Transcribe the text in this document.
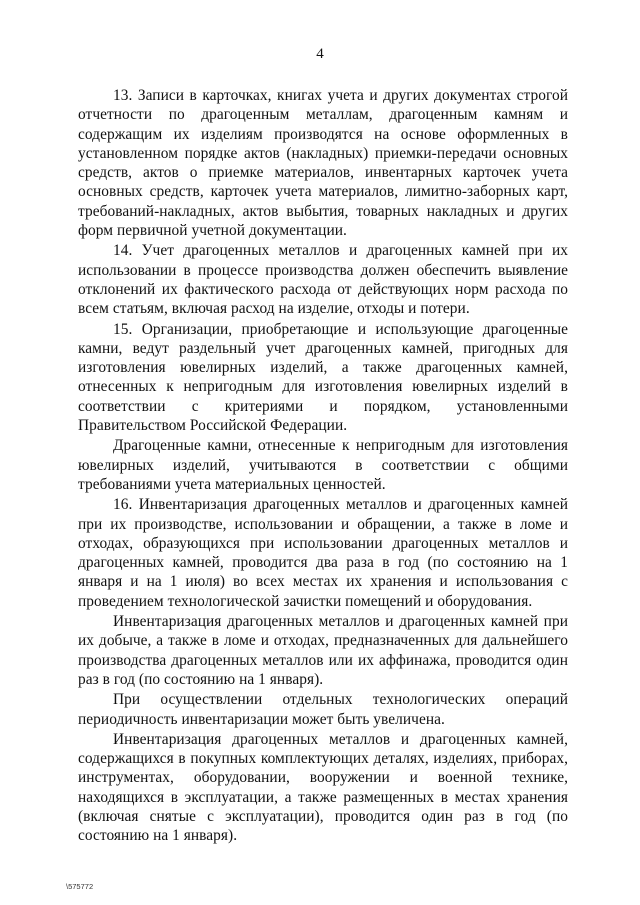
4

13. Записи в карточках, книгах учета и других документах строгой отчетности по драгоценным металлам, драгоценным камням и содержащим их изделиям производятся на основе оформленных в установленном порядке актов (накладных) приемки-передачи основных средств, актов о приемке материалов, инвентарных карточек учета основных средств, карточек учета материалов, лимитно-заборных карт, требований-накладных, актов выбытия, товарных накладных и других форм первичной учетной документации.

14. Учет драгоценных металлов и драгоценных камней при их использовании в процессе производства должен обеспечить выявление отклонений их фактического расхода от действующих норм расхода по всем статьям, включая расход на изделие, отходы и потери.

15. Организации, приобретающие и использующие драгоценные камни, ведут раздельный учет драгоценных камней, пригодных для изготовления ювелирных изделий, а также драгоценных камней, отнесенных к непригодным для изготовления ювелирных изделий в соответствии с критериями и порядком, установленными Правительством Российской Федерации.

Драгоценные камни, отнесенные к непригодным для изготовления ювелирных изделий, учитываются в соответствии с общими требованиями учета материальных ценностей.

16. Инвентаризация драгоценных металлов и драгоценных камней при их производстве, использовании и обращении, а также в ломе и отходах, образующихся при использовании драгоценных металлов и драгоценных камней, проводится два раза в год (по состоянию на 1 января и на 1 июля) во всех местах их хранения и использования с проведением технологической зачистки помещений и оборудования.

Инвентаризация драгоценных металлов и драгоценных камней при их добыче, а также в ломе и отходах, предназначенных для дальнейшего производства драгоценных металлов или их аффинажа, проводится один раз в год (по состоянию на 1 января).

При осуществлении отдельных технологических операций периодичность инвентаризации может быть увеличена.

Инвентаризация драгоценных металлов и драгоценных камней, содержащихся в покупных комплектующих деталях, изделиях, приборах, инструментах, оборудовании, вооружении и военной технике, находящихся в эксплуатации, а также размещенных в местах хранения (включая снятые с эксплуатации), проводится один раз в год (по состоянию на 1 января).

\575772
